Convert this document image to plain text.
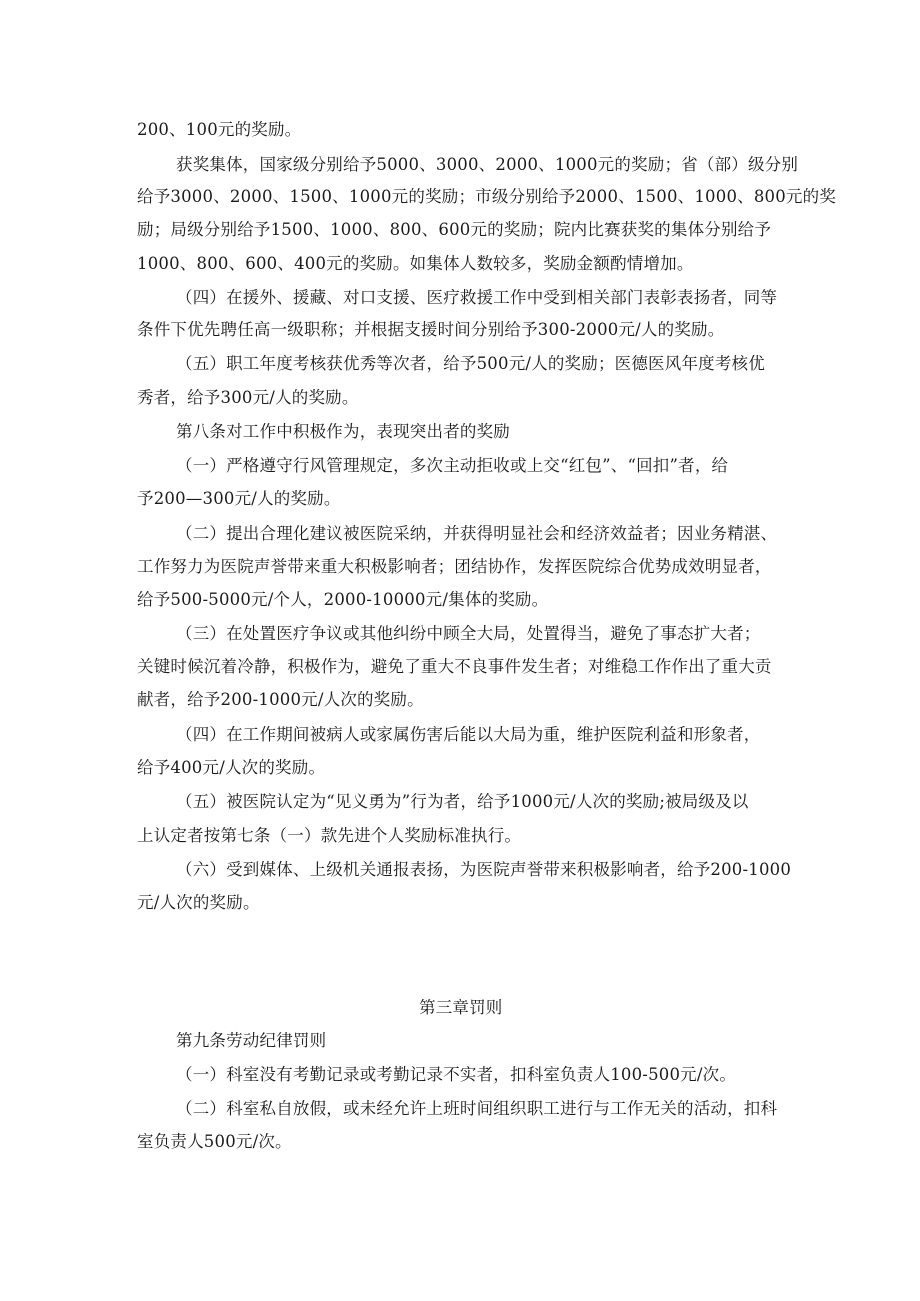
200、100元的奖励。
获奖集体，国家级分别给予5000、3000、2000、1000元的奖励；省（部）级分别
给予3000、2000、1500、1000元的奖励；市级分别给予2000、1500、1000、800元的奖
励；局级分别给予1500、1000、800、600元的奖励；院内比赛获奖的集体分别给予
1000、800、600、400元的奖励。如集体人数较多，奖励金额酌情增加。
（四）在援外、援藏、对口支援、医疗救援工作中受到相关部门表彰表扬者，同等
条件下优先聘任高一级职称；并根据支援时间分别给予300-2000元/人的奖励。
（五）职工年度考核获优秀等次者，给予500元/人的奖励；医德医风年度考核优
秀者，给予300元/人的奖励。
第八条对工作中积极作为，表现突出者的奖励
（一）严格遵守行风管理规定，多次主动拒收或上交“红包”、“回扣”者，给
予200—300元/人的奖励。
（二）提出合理化建议被医院采纳，并获得明显社会和经济效益者；因业务精湛、
工作努力为医院声誉带来重大积极影响者；团结协作，发挥医院综合优势成效明显者，
给予500-5000元/个人，2000-10000元/集体的奖励。
（三）在处置医疗争议或其他纠纷中顾全大局，处置得当，避免了事态扩大者；
关键时候沉着冷静，积极作为，避免了重大不良事件发生者；对维稳工作作出了重大贡
献者，给予200-1000元/人次的奖励。
（四）在工作期间被病人或家属伤害后能以大局为重，维护医院利益和形象者，
给予400元/人次的奖励。
（五）被医院认定为“见义勇为”行为者，给予1000元/人次的奖励;被局级及以
上认定者按第七条（一）款先进个人奖励标准执行。
（六）受到媒体、上级机关通报表扬，为医院声誉带来积极影响者，给予200-1000
元/人次的奖励。
第三章罚则
第九条劳动纪律罚则
（一）科室没有考勤记录或考勤记录不实者，扣科室负责人100-500元/次。
（二）科室私自放假，或未经允许上班时间组织职工进行与工作无关的活动，扣科
室负责人500元/次。
